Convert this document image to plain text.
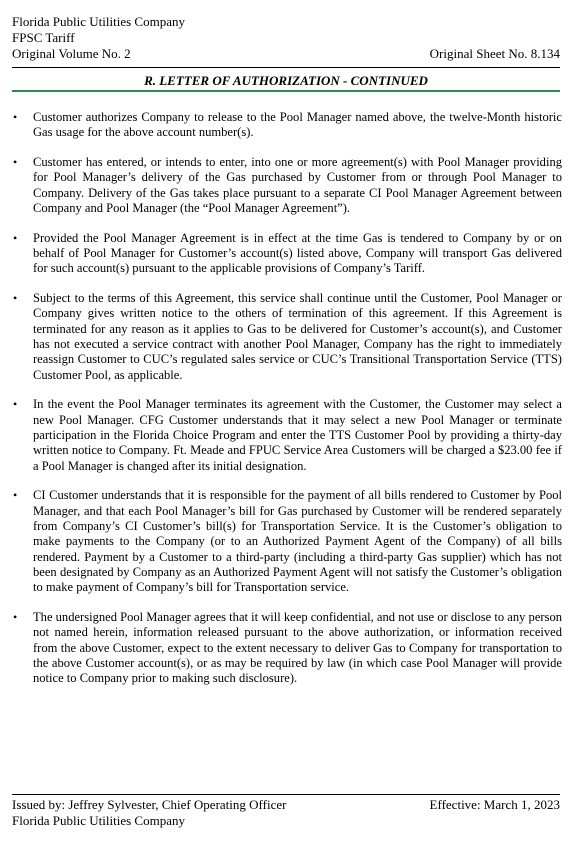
Florida Public Utilities Company
FPSC Tariff
Original Volume No. 2	Original Sheet No. 8.134
R. LETTER OF AUTHORIZATION - CONTINUED
• Customer authorizes Company to release to the Pool Manager named above, the twelve-Month historic Gas usage for the above account number(s).
• Customer has entered, or intends to enter, into one or more agreement(s) with Pool Manager providing for Pool Manager’s delivery of the Gas purchased by Customer from or through Pool Manager to Company. Delivery of the Gas takes place pursuant to a separate CI Pool Manager Agreement between Company and Pool Manager (the “Pool Manager Agreement”).
• Provided the Pool Manager Agreement is in effect at the time Gas is tendered to Company by or on behalf of Pool Manager for Customer’s account(s) listed above, Company will transport Gas delivered for such account(s) pursuant to the applicable provisions of Company’s Tariff.
• Subject to the terms of this Agreement, this service shall continue until the Customer, Pool Manager or Company gives written notice to the others of termination of this agreement. If this Agreement is terminated for any reason as it applies to Gas to be delivered for Customer’s account(s), and Customer has not executed a service contract with another Pool Manager, Company has the right to immediately reassign Customer to CUC’s regulated sales service or CUC’s Transitional Transportation Service (TTS) Customer Pool, as applicable.
• In the event the Pool Manager terminates its agreement with the Customer, the Customer may select a new Pool Manager. CFG Customer understands that it may select a new Pool Manager or terminate participation in the Florida Choice Program and enter the TTS Customer Pool by providing a thirty-day written notice to Company. Ft. Meade and FPUC Service Area Customers will be charged a $23.00 fee if a Pool Manager is changed after its initial designation.
• CI Customer understands that it is responsible for the payment of all bills rendered to Customer by Pool Manager, and that each Pool Manager’s bill for Gas purchased by Customer will be rendered separately from Company’s CI Customer’s bill(s) for Transportation Service. It is the Customer’s obligation to make payments to the Company (or to an Authorized Payment Agent of the Company) of all bills rendered. Payment by a Customer to a third-party (including a third-party Gas supplier) which has not been designated by Company as an Authorized Payment Agent will not satisfy the Customer’s obligation to make payment of Company’s bill for Transportation service.
• The undersigned Pool Manager agrees that it will keep confidential, and not use or disclose to any person not named herein, information released pursuant to the above authorization, or information received from the above Customer, expect to the extent necessary to deliver Gas to Company for transportation to the above Customer account(s), or as may be required by law (in which case Pool Manager will provide notice to Company prior to making such disclosure).
Issued by: Jeffrey Sylvester, Chief Operating Officer	Effective: March 1, 2023
Florida Public Utilities Company
